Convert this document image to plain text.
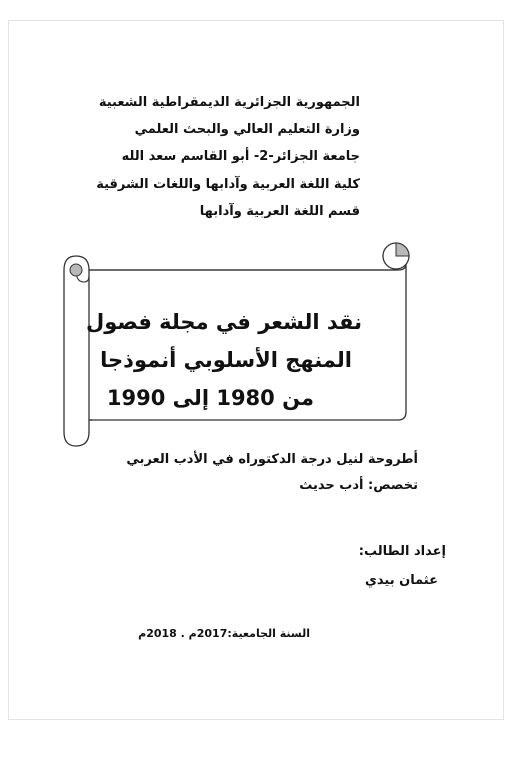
الجمهورية الجزائرية الديمقراطية الشعبية
وزارة التعليم العالي والبحث العلمي
جامعة الجزائر-2- أبو القاسم سعد الله
كلية اللغة العربية وآدابها واللغات الشرقية
قسم اللغة العربية وآدابها
نقد الشعر في مجلة فصول
المنهج الأسلوبي أنموذجا
من 1980 إلى 1990
أطروحة لنيل درجة الدكتوراه في الأدب العربي
تخصص: أدب حديث
إعداد الطالب:
عثمان بيدي
السنة الجامعية:2017م . 2018م
